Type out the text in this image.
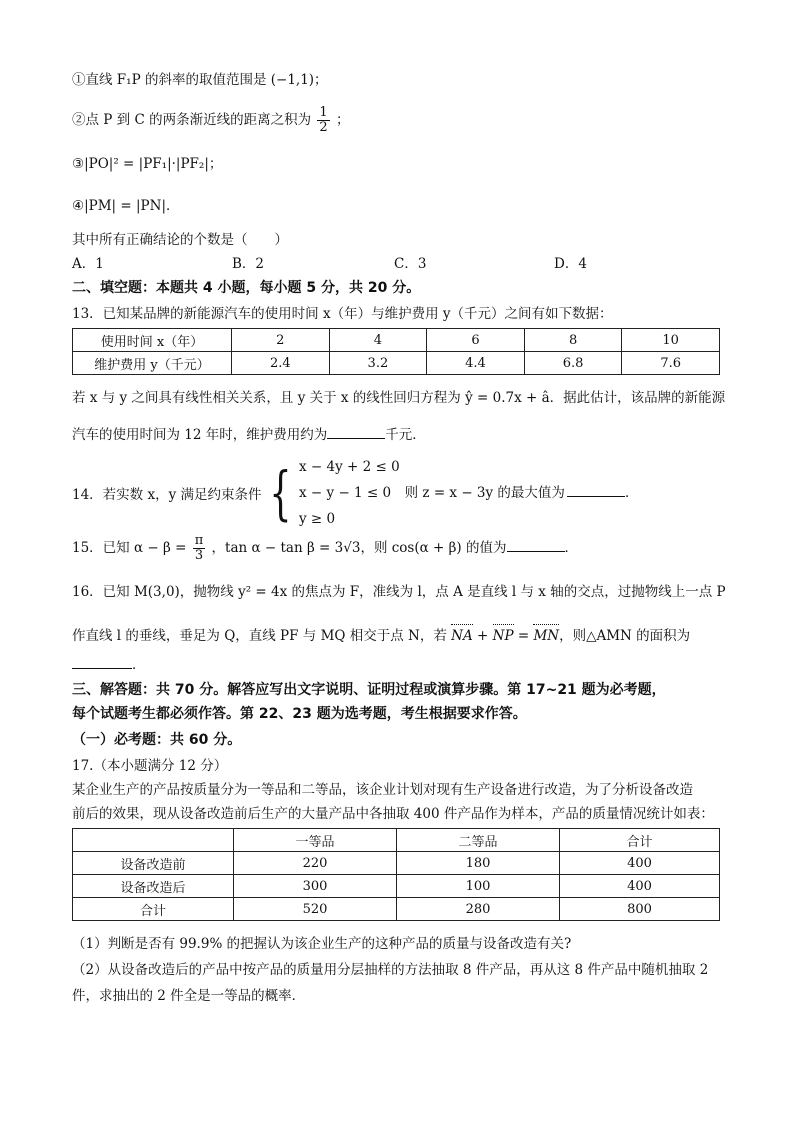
①直线 F₁P 的斜率的取值范围是 (−1,1)；
②点 P 到 C 的两条渐近线的距离之积为 $\frac{1}{2}$ ；
③|PO|² = |PF₁|·|PF₂|；
④|PM| = |PN|．
其中所有正确结论的个数是（　　）
A．1	B．2	C．3	D．4
二、填空题：本题共 4 小题，每小题 5 分，共 20 分。
13．已知某品牌的新能源汽车的使用时间 x（年）与维护费用 y（千元）之间有如下数据：
使用时间 x（年）	2	4	6	8	10
维护费用 y（千元）	2.4	3.2	4.4	6.8	7.6
若 x 与 y 之间具有线性相关关系，且 y 关于 x 的线性回归方程为 ŷ = 0.7x + â．据此估计，该品牌的新能源
汽车的使用时间为 12 年时，维护费用约为	千元．
14．若实数 x，y 满足约束条件 { x − 4y + 2 ≤ 0
x − y − 1 ≤ 0　 则 z = x − 3y 的最大值为	．
y ≥ 0
15．已知 $\alpha - \beta = \frac{\pi}{3}$ ，tan α − tan β = 3√3，则 cos(α + β) 的值为	．
16．已知 M(3,0)，抛物线 y² = 4x 的焦点为 F，准线为 l，点 A 是直线 l 与 x 轴的交点，过抛物线上一点 P
作直线 l 的垂线，垂足为 Q，直线 PF 与 MQ 相交于点 N，若 NA + NP = MN，则△AMN 的面积为
．
三、解答题：共 70 分。解答应写出文字说明、证明过程或演算步骤。第 17~21 题为必考题，
每个试题考生都必须作答。第 22、23 题为选考题，考生根据要求作答。
（一）必考题：共 60 分。
17.（本小题满分 12 分）
某企业生产的产品按质量分为一等品和二等品，该企业计划对现有生产设备进行改造，为了分析设备改造
前后的效果，现从设备改造前后生产的大量产品中各抽取 400 件产品作为样本，产品的质量情况统计如表：
	一等品	二等品	合计
设备改造前	220	180	400
设备改造后	300	100	400
合计	520	280	800
（1）判断是否有 99.9% 的把握认为该企业生产的这种产品的质量与设备改造有关?
（2）从设备改造后的产品中按产品的质量用分层抽样的方法抽取 8 件产品，再从这 8 件产品中随机抽取 2
件，求抽出的 2 件全是一等品的概率．
